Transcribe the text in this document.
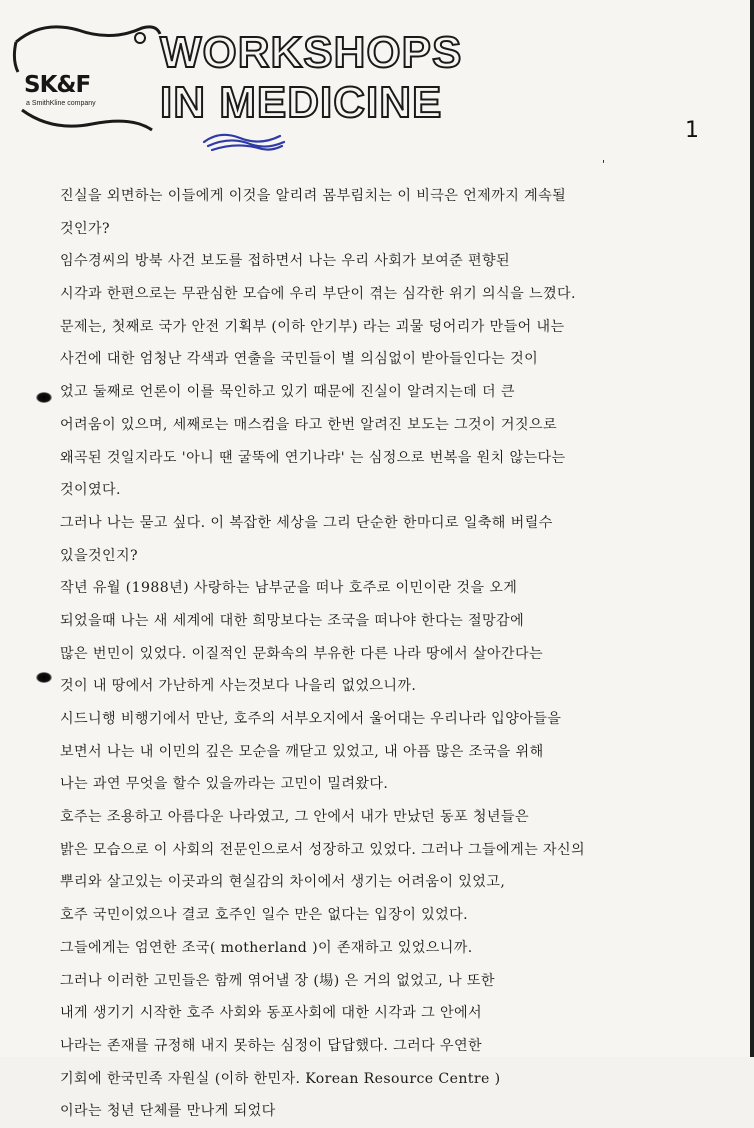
SK&F
a SmithKline company
WORKSHOPS
IN MEDICINE
1
'
진실을 외면하는 이들에게 이것을 알리려 몸부림치는 이 비극은 언제까지 계속될
것인가?
임수경씨의 방북 사건 보도를 접하면서 나는 우리 사회가 보여준 편향된
시각과 한편으로는 무관심한 모습에 우리 부단이 겪는 심각한 위기 의식을 느꼈다.
문제는, 첫째로 국가 안전 기획부 (이하 안기부) 라는 괴물 덩어리가 만들어 내는
사건에 대한 엄청난 각색과 연출을 국민들이 별 의심없이 받아들인다는 것이
었고 둘째로 언론이 이를 묵인하고 있기 때문에 진실이 알려지는데 더 큰
어려움이 있으며, 세째로는 매스컴을 타고 한번 알려진 보도는 그것이 거짓으로
왜곡된 것일지라도 '아니 땐 굴뚝에 연기나랴' 는 심정으로 번복을 원치 않는다는
것이였다.
그러나 나는 묻고 싶다. 이 복잡한 세상을 그리 단순한 한마디로 일축해 버릴수
있을것인지?
작년 유월 (1988년) 사랑하는 남부군을 떠나 호주로 이민이란 것을 오게
되었을때 나는 새 세계에 대한 희망보다는 조국을 떠나야 한다는 절망감에
많은 번민이 있었다. 이질적인 문화속의 부유한 다른 나라 땅에서 살아간다는
것이 내 땅에서 가난하게 사는것보다 나을리 없었으니까.
시드니행 비행기에서 만난, 호주의 서부오지에서 울어대는 우리나라 입양아들을
보면서 나는 내 이민의 깊은 모순을 깨닫고 있었고, 내 아픔 많은 조국을 위해
나는 과연 무엇을 할수 있을까라는 고민이 밀려왔다.
호주는 조용하고 아름다운 나라였고, 그 안에서 내가 만났던 동포 청년들은
밝은 모습으로 이 사회의 전문인으로서 성장하고 있었다. 그러나 그들에게는 자신의
뿌리와 살고있는 이곳과의 현실감의 차이에서 생기는 어려움이 있었고,
호주 국민이었으나 결코 호주인 일수 만은 없다는 입장이 있었다.
그들에게는 엄연한 조국( motherland )이 존재하고 있었으니까.
그러나 이러한 고민들은 함께 엮어낼 장 (場) 은 거의 없었고, 나 또한
내게 생기기 시작한 호주 사회와 동포사회에 대한 시각과 그 안에서
나라는 존재를 규정해 내지 못하는 심정이 답답했다. 그러다 우연한
기회에 한국민족 자원실 (이하 한민자. Korean Resource Centre )
이라는 청년 단체를 만나게 되었다
